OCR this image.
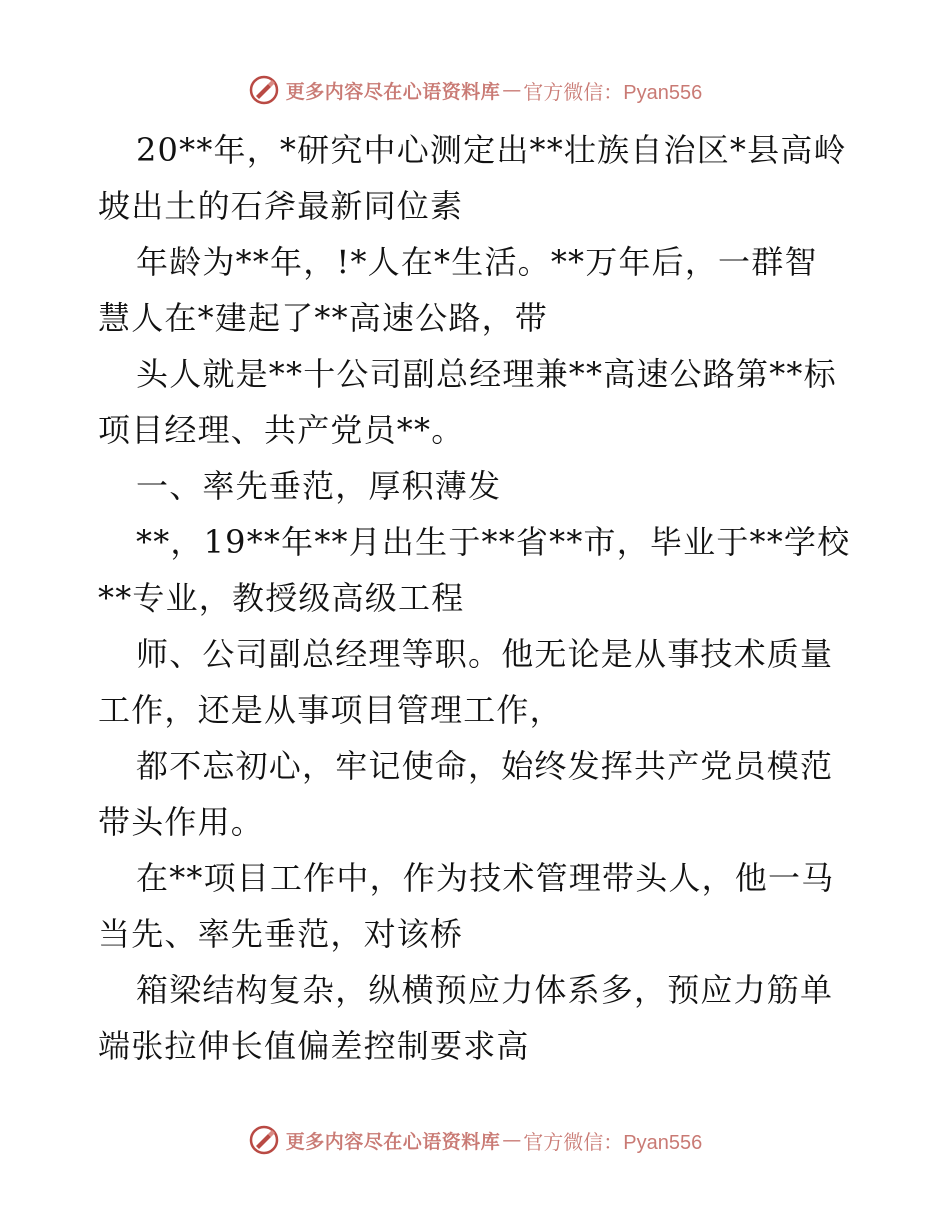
更多内容尽在心语资料库 — 官方微信：Pyan556
20**年，*研究中心测定出**壮族自治区*县高岭
坡出土的石斧最新同位素
年龄为**年，!*人在*生活。**万年后，一群智
慧人在*建起了**高速公路，带
头人就是**十公司副总经理兼**高速公路第**标
项目经理、共产党员**。
一、率先垂范，厚积薄发
**，19**年**月出生于**省**市，毕业于**学校
**专业，教授级高级工程
师、公司副总经理等职。他无论是从事技术质量
工作，还是从事项目管理工作，
都不忘初心，牢记使命，始终发挥共产党员模范
带头作用。
在**项目工作中，作为技术管理带头人，他一马
当先、率先垂范，对该桥
箱梁结构复杂，纵横预应力体系多，预应力筋单
端张拉伸长值偏差控制要求高
更多内容尽在心语资料库 — 官方微信：Pyan556
